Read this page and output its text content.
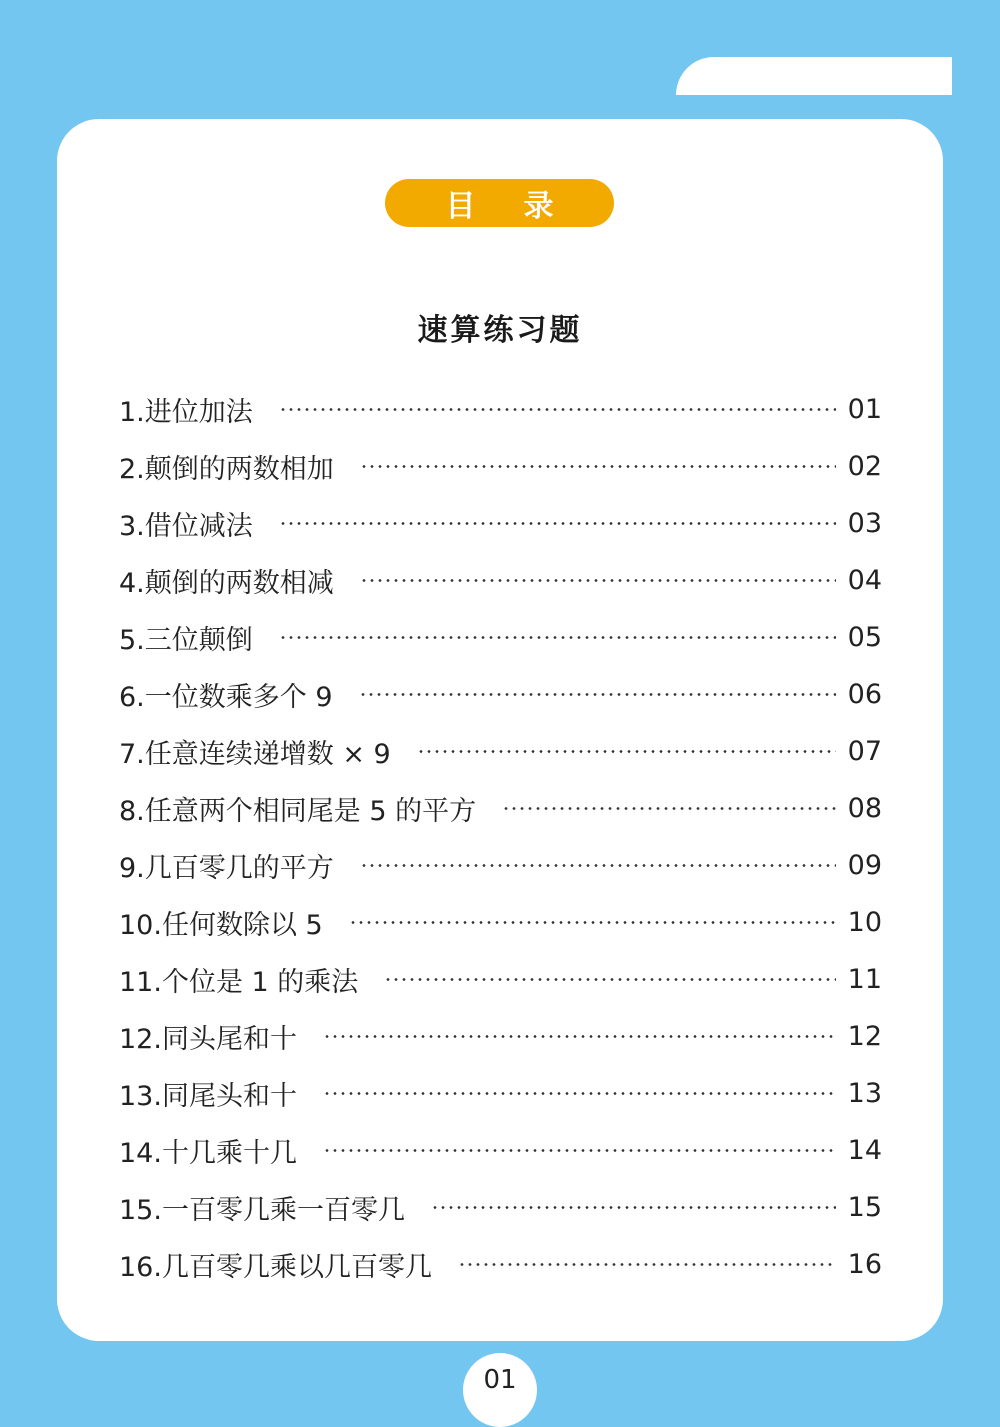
目录
速算练习题
1.进位加法	01
2.颠倒的两数相加	02
3.借位减法	03
4.颠倒的两数相减	04
5.三位颠倒	05
6.一位数乘多个 9	06
7.任意连续递增数 × 9	07
8.任意两个相同尾是 5 的平方	08
9.几百零几的平方	09
10.任何数除以 5	10
11.个位是 1 的乘法	11
12.同头尾和十	12
13.同尾头和十	13
14.十几乘十几	14
15.一百零几乘一百零几	15
16.几百零几乘以几百零几	16
01
